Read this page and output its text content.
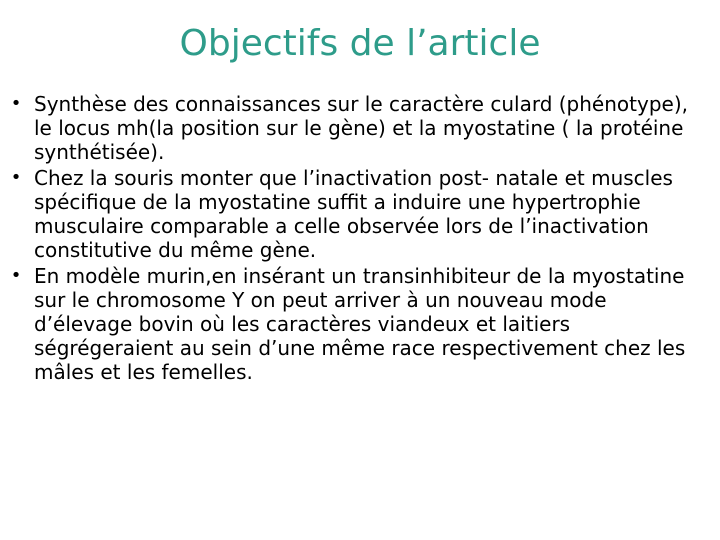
Objectifs de l’article
• Synthèse des connaissances sur le caractère culard (phénotype), le locus mh(la position sur le gène) et la myostatine ( la protéine synthétisée).
• Chez la souris monter que l’inactivation post- natale et muscles spécifique de la myostatine suffit a induire une hypertrophie musculaire comparable a celle observée lors de l’inactivation constitutive du même gène.
• En modèle murin,en insérant un transinhibiteur de la myostatine sur le chromosome Y on peut arriver à un nouveau mode d’élevage bovin où les caractères viandeux et laitiers ségrégeraient au sein d’une même race respectivement chez les mâles et les femelles.
